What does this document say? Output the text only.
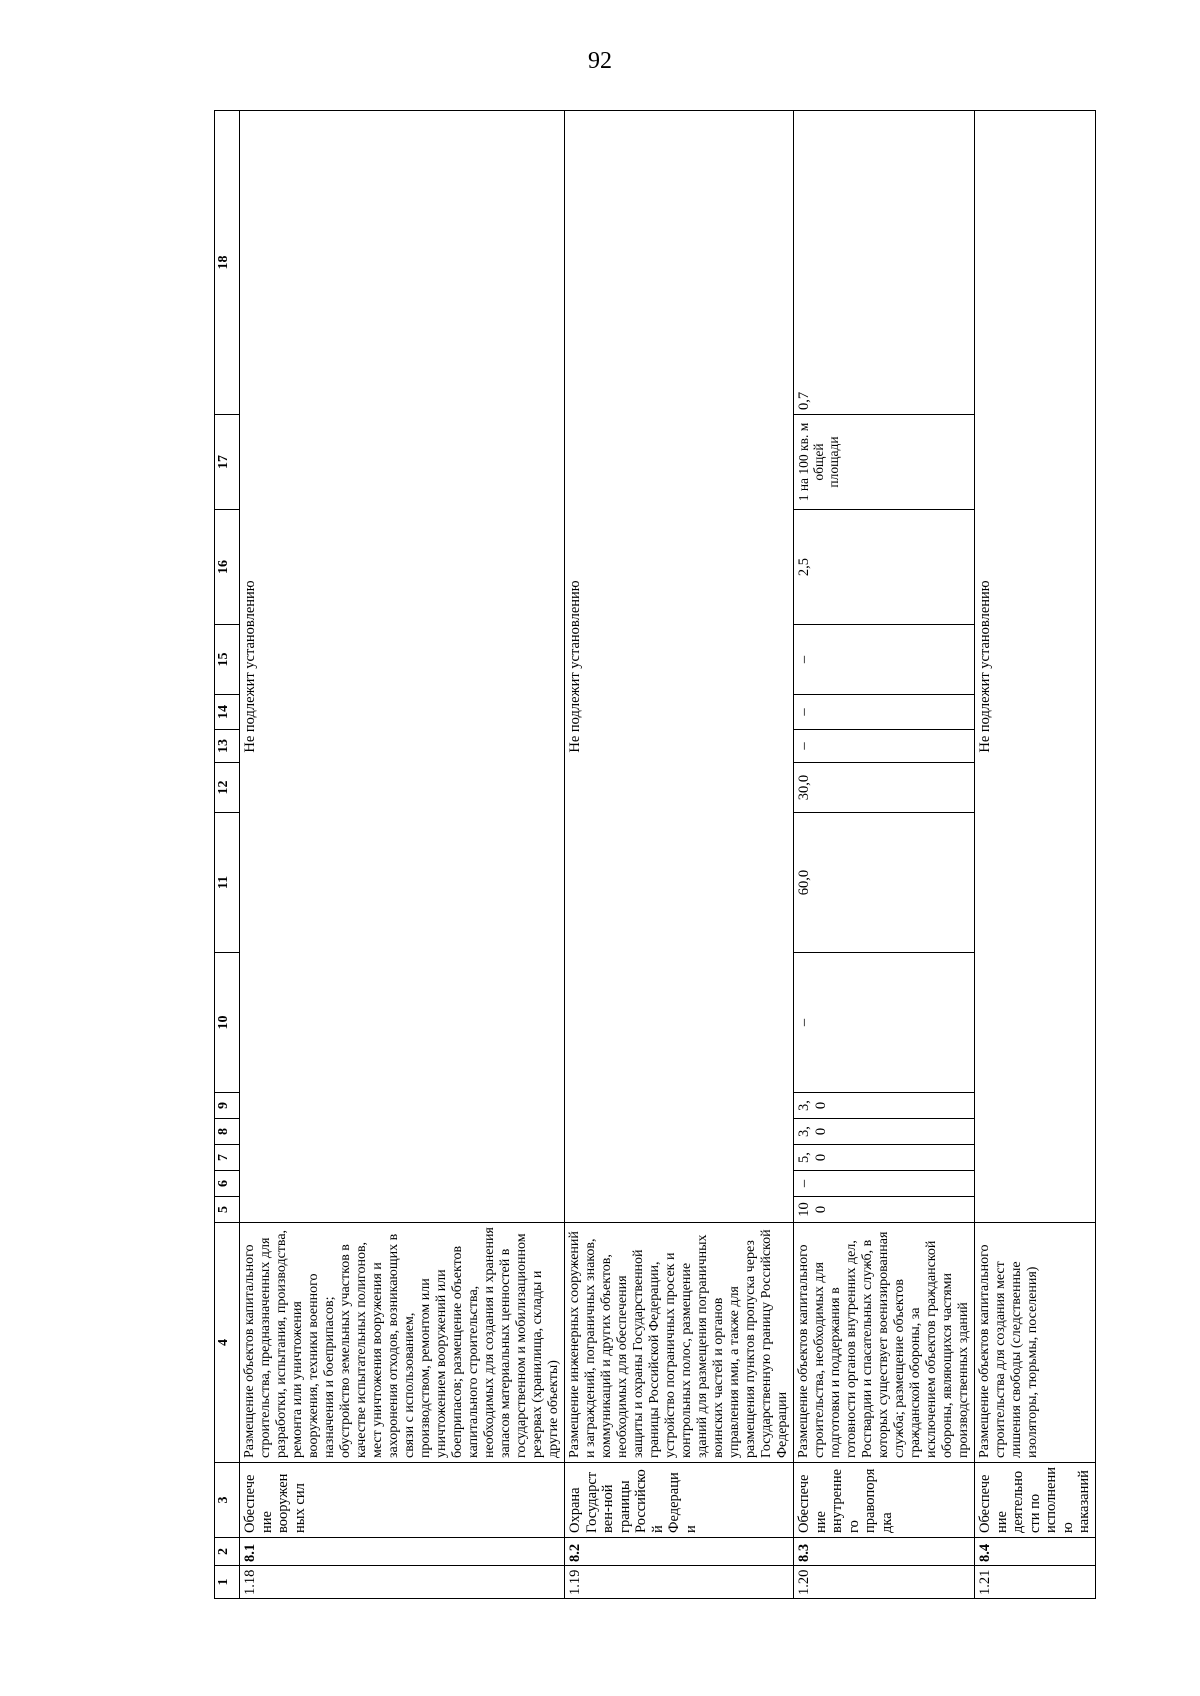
92
1	2	3	4	5	6	7	8	9	10	11	12	13	14	15	16	17	18
1.18	8.1	Обеспечение вооруженных сил	Размещение объектов капитального строительства, предназначенных для разработки, испытания, производства, ремонта или уничтожения вооружения, техники военного назначения и боеприпасов; обустройство земельных участков в качестве испытательных полигонов, мест уничтожения вооружения и захоронения отходов, возникающих в связи с использованием, производством, ремонтом или уничтожением вооружений или боеприпасов; размещение объектов капитального строительства, необходимых для создания и хранения запасов материальных ценностей в государственном и мобилизационном резервах (хранилища, склады и другие объекты)	Не подлежит установлению													
1.19	8.2	Охрана Государствен-ной границы Российской Федерации	Размещение инженерных сооружений и заграждений, пограничных знаков, коммуникаций и других объектов, необходимых для обеспечения защиты и охраны Государственной границы Российской Федерации, устройство пограничных просек и контрольных полос, размещение зданий для размещения пограничных воинских частей и органов управления ими, а также для размещения пунктов пропуска через Государственную границу Российской Федерации	Не подлежит установлению													
1.20	8.3	Обеспечение внутреннего правопорядка	Размещение объектов капитального строительства, необходимых для подготовки и поддержания в готовности органов внутренних дел, Росгвардии и спасательных служб, в которых существует военизированная служба; размещение объектов гражданской обороны, за исключением объектов гражданской обороны, являющихся частями производственных зданий	100	–	5,0	3,0	3,0	–	60,0	30,0	–	–	–	2,5	1 на 100 кв. м общей площади	0,7
1.21	8.4	Обеспечение деятельности по исполнению наказаний	Размещение объектов капитального строительства для создания мест лишения свободы (следственные изоляторы, тюрьмы, поселения)	Не подлежит установлению													
